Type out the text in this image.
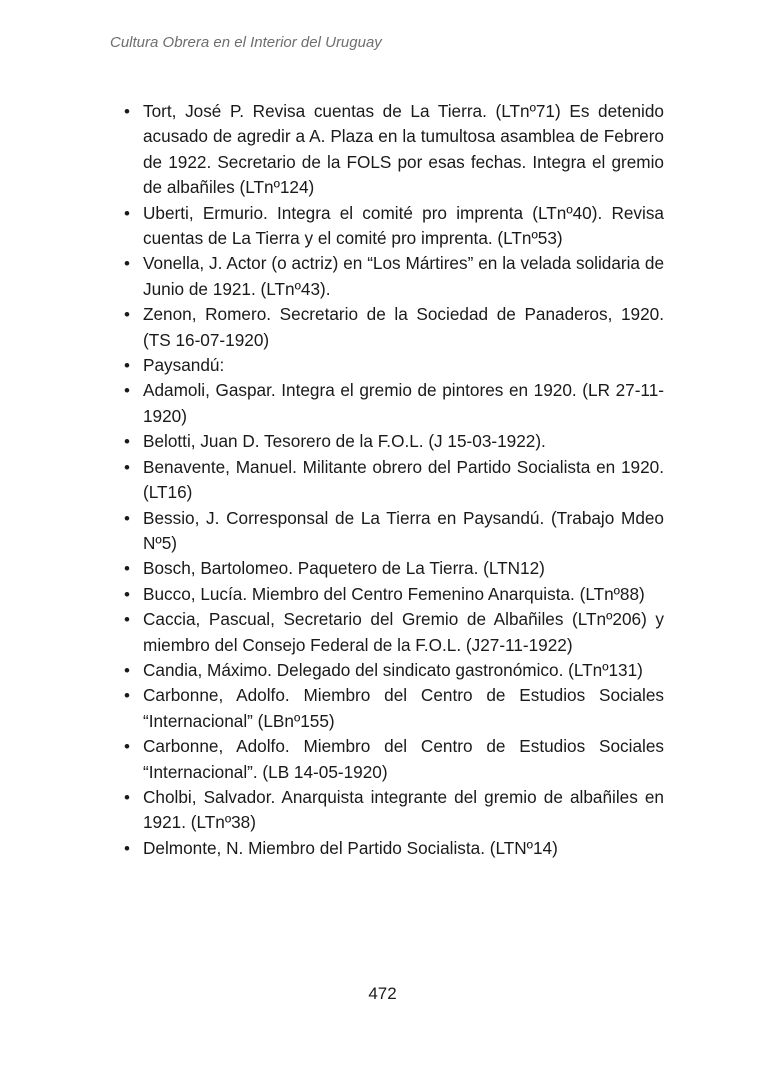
Cultura Obrera en el Interior del Uruguay
• Tort, José P. Revisa cuentas de La Tierra. (LTnº71) Es detenido acusado de agredir a A. Plaza en la tumultosa asamblea de Febrero de 1922. Secretario de la FOLS por esas fechas. Integra el gremio de albañiles (LTnº124)
• Uberti, Ermurio. Integra el comité pro imprenta (LTnº40). Revisa cuentas de La Tierra y el comité pro imprenta. (LTnº53)
• Vonella, J. Actor (o actriz) en “Los Mártires” en la velada solidaria de Junio de 1921. (LTnº43).
• Zenon, Romero. Secretario de la Sociedad de Panaderos, 1920. (TS 16-07-1920)
• Paysandú:
• Adamoli, Gaspar. Integra el gremio de pintores en 1920. (LR 27-11-1920)
• Belotti, Juan D. Tesorero de la F.O.L. (J 15-03-1922).
• Benavente, Manuel. Militante obrero del Partido Socialista en 1920. (LT16)
• Bessio, J. Corresponsal de La Tierra en Paysandú. (Trabajo Mdeo Nº5)
• Bosch, Bartolomeo. Paquetero de La Tierra. (LTN12)
• Bucco, Lucía. Miembro del Centro Femenino Anarquista. (LTnº88)
• Caccia, Pascual, Secretario del Gremio de Albañiles (LTnº206) y miembro del Consejo Federal de la F.O.L. (J27-11-1922)
• Candia, Máximo. Delegado del sindicato gastronómico. (LTnº131)
• Carbonne, Adolfo. Miembro del Centro de Estudios Sociales “Internacional” (LBnº155)
• Carbonne, Adolfo. Miembro del Centro de Estudios Sociales “Internacional”. (LB 14-05-1920)
• Cholbi, Salvador. Anarquista integrante del gremio de albañiles en 1921. (LTnº38)
• Delmonte, N. Miembro del Partido Socialista. (LTNº14)
472
